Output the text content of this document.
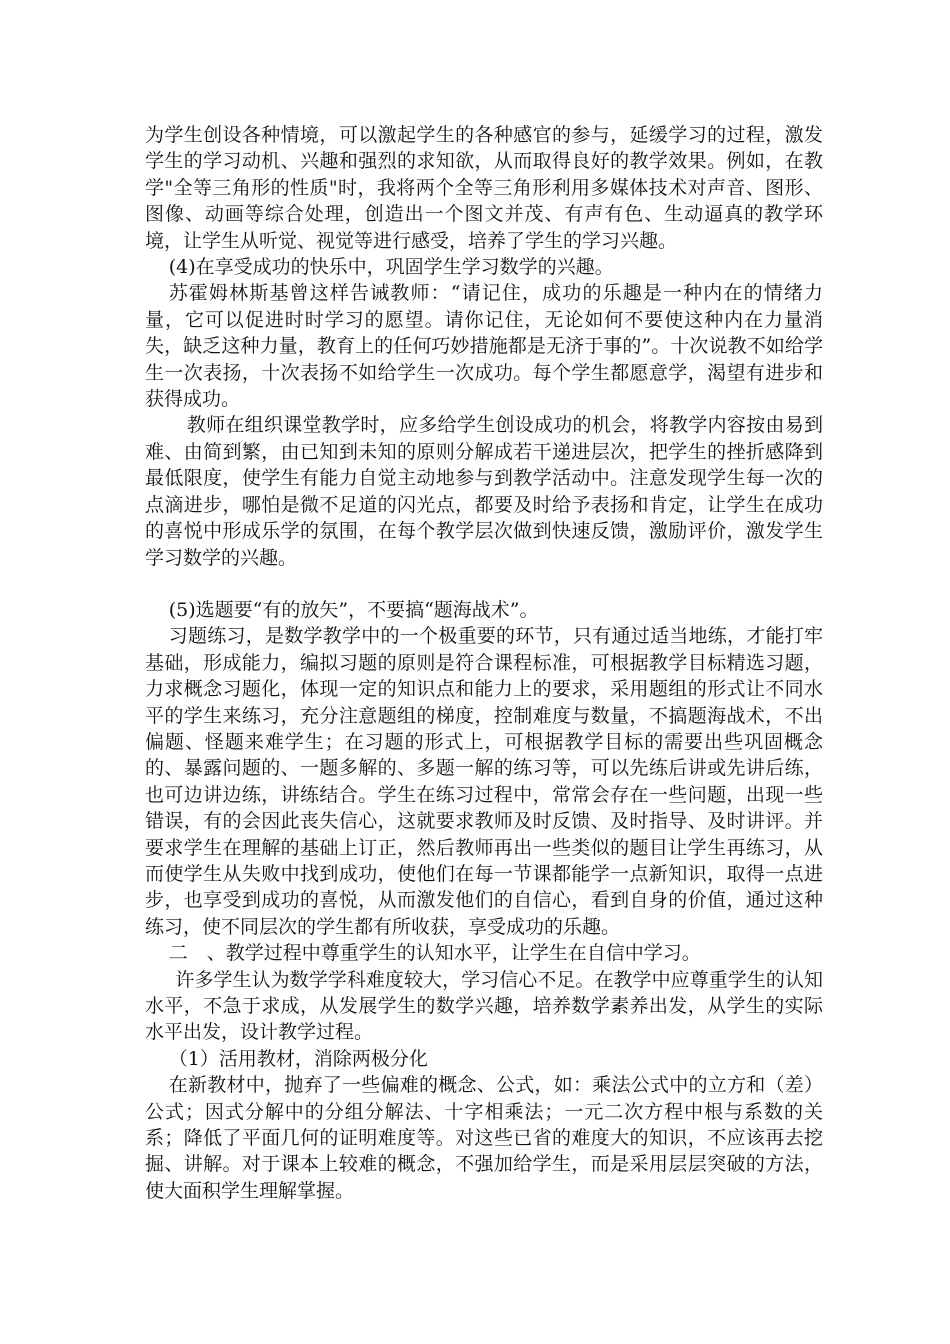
为学生创设各种情境，可以激起学生的各种感官的参与，延缓学习的过程，激发学生的学习动机、兴趣和强烈的求知欲，从而取得良好的教学效果。例如，在教学"全等三角形的性质"时，我将两个全等三角形利用多媒体技术对声音、图形、图像、动画等综合处理，创造出一个图文并茂、有声有色、生动逼真的教学环境，让学生从听觉、视觉等进行感受，培养了学生的学习兴趣。

(4)在享受成功的快乐中，巩固学生学习数学的兴趣。

苏霍姆林斯基曾这样告诫教师：“请记住，成功的乐趣是一种内在的情绪力量，它可以促进时时学习的愿望。请你记住，无论如何不要使这种内在力量消失，缺乏这种力量，教育上的任何巧妙措施都是无济于事的”。十次说教不如给学生一次表扬，十次表扬不如给学生一次成功。每个学生都愿意学，渴望有进步和获得成功。

教师在组织课堂教学时，应多给学生创设成功的机会，将教学内容按由易到难、由简到繁，由已知到未知的原则分解成若干递进层次，把学生的挫折感降到最低限度，使学生有能力自觉主动地参与到教学活动中。注意发现学生每一次的点滴进步，哪怕是微不足道的闪光点，都要及时给予表扬和肯定，让学生在成功的喜悦中形成乐学的氛围，在每个教学层次做到快速反馈，激励评价，激发学生学习数学的兴趣。

(5)选题要“有的放矢”，不要搞“题海战术”。

习题练习，是数学教学中的一个极重要的环节，只有通过适当地练，才能打牢基础，形成能力，编拟习题的原则是符合课程标准，可根据教学目标精选习题，力求概念习题化，体现一定的知识点和能力上的要求，采用题组的形式让不同水平的学生来练习，充分注意题组的梯度，控制难度与数量，不搞题海战术，不出偏题、怪题来难学生；在习题的形式上，可根据教学目标的需要出些巩固概念的、暴露问题的、一题多解的、多题一解的练习等，可以先练后讲或先讲后练，也可边讲边练，讲练结合。学生在练习过程中，常常会存在一些问题，出现一些错误，有的会因此丧失信心，这就要求教师及时反馈、及时指导、及时讲评。并要求学生在理解的基础上订正，然后教师再出一些类似的题目让学生再练习，从而使学生从失败中找到成功，使他们在每一节课都能学一点新知识，取得一点进步，也享受到成功的喜悦，从而激发他们的自信心，看到自身的价值，通过这种练习，使不同层次的学生都有所收获，享受成功的乐趣。

二　、教学过程中尊重学生的认知水平，让学生在自信中学习。

许多学生认为数学学科难度较大，学习信心不足。在教学中应尊重学生的认知水平，不急于求成，从发展学生的数学兴趣，培养数学素养出发，从学生的实际水平出发，设计教学过程。

（1）活用教材，消除两极分化

在新教材中，抛弃了一些偏难的概念、公式，如：乘法公式中的立方和（差）公式；因式分解中的分组分解法、十字相乘法；一元二次方程中根与系数的关系；降低了平面几何的证明难度等。对这些已省的难度大的知识，不应该再去挖掘、讲解。对于课本上较难的概念，不强加给学生，而是采用层层突破的方法，使大面积学生理解掌握。
